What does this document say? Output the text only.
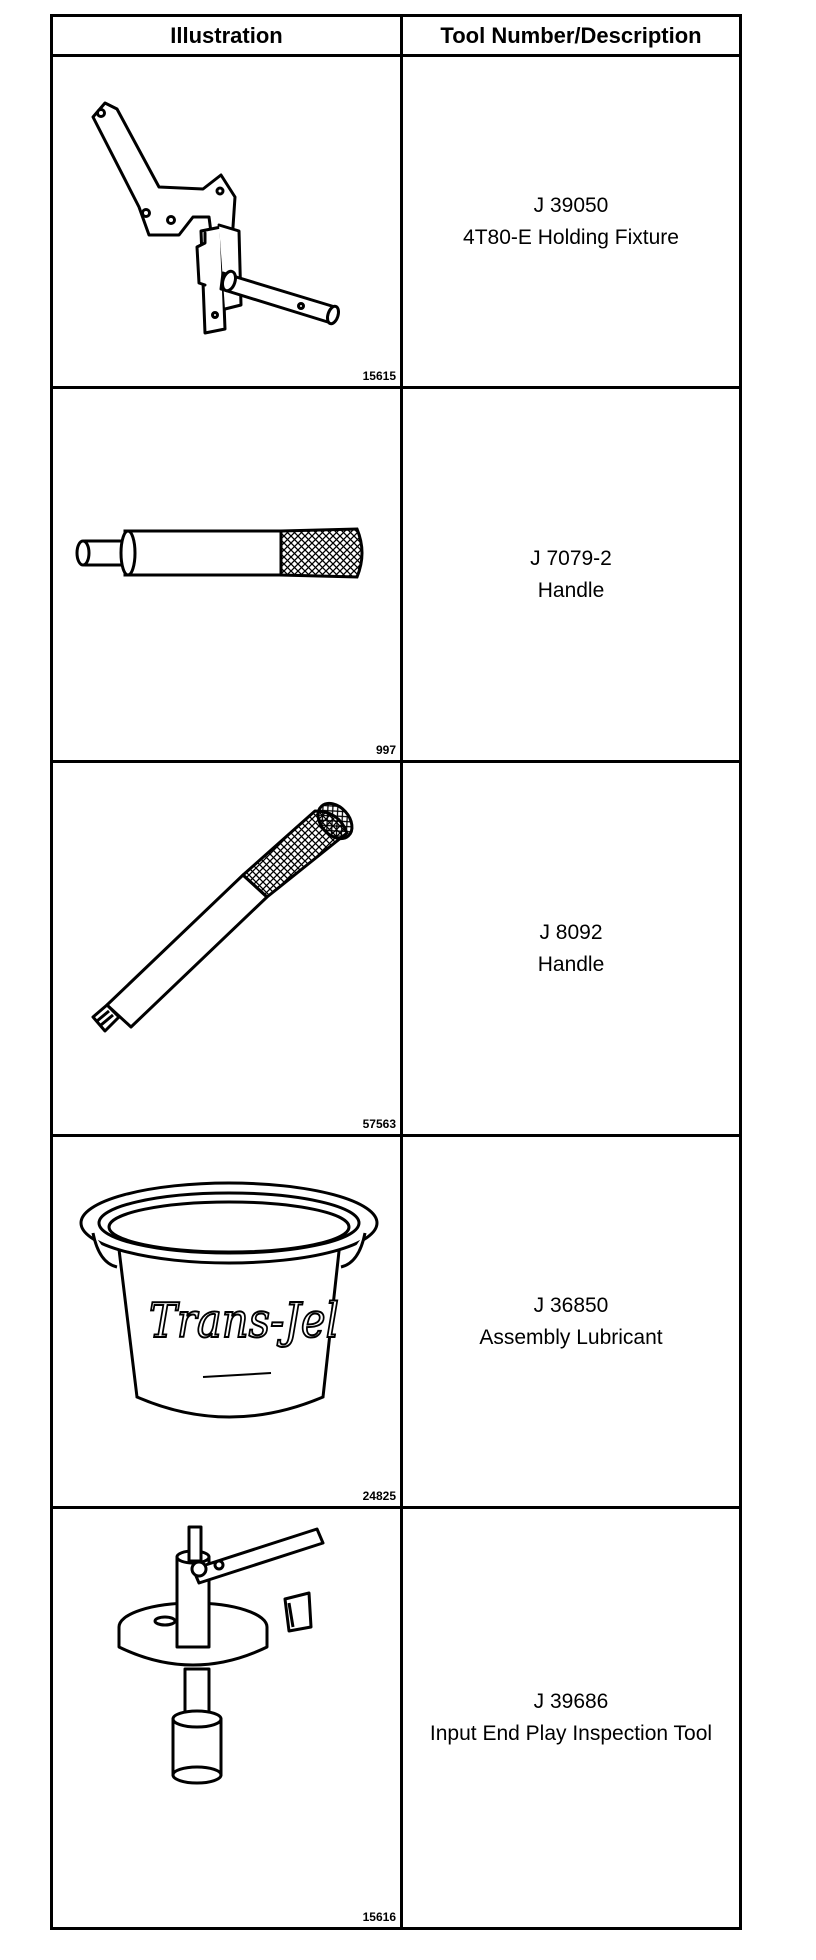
Illustration	Tool Number/Description
15615
J 39050
4T80-E Holding Fixture
997
J 7079-2
Handle
57563
J 8092
Handle
Trans-Jel
24825
J 36850
Assembly Lubricant
15616
J 39686
Input End Play Inspection Tool
